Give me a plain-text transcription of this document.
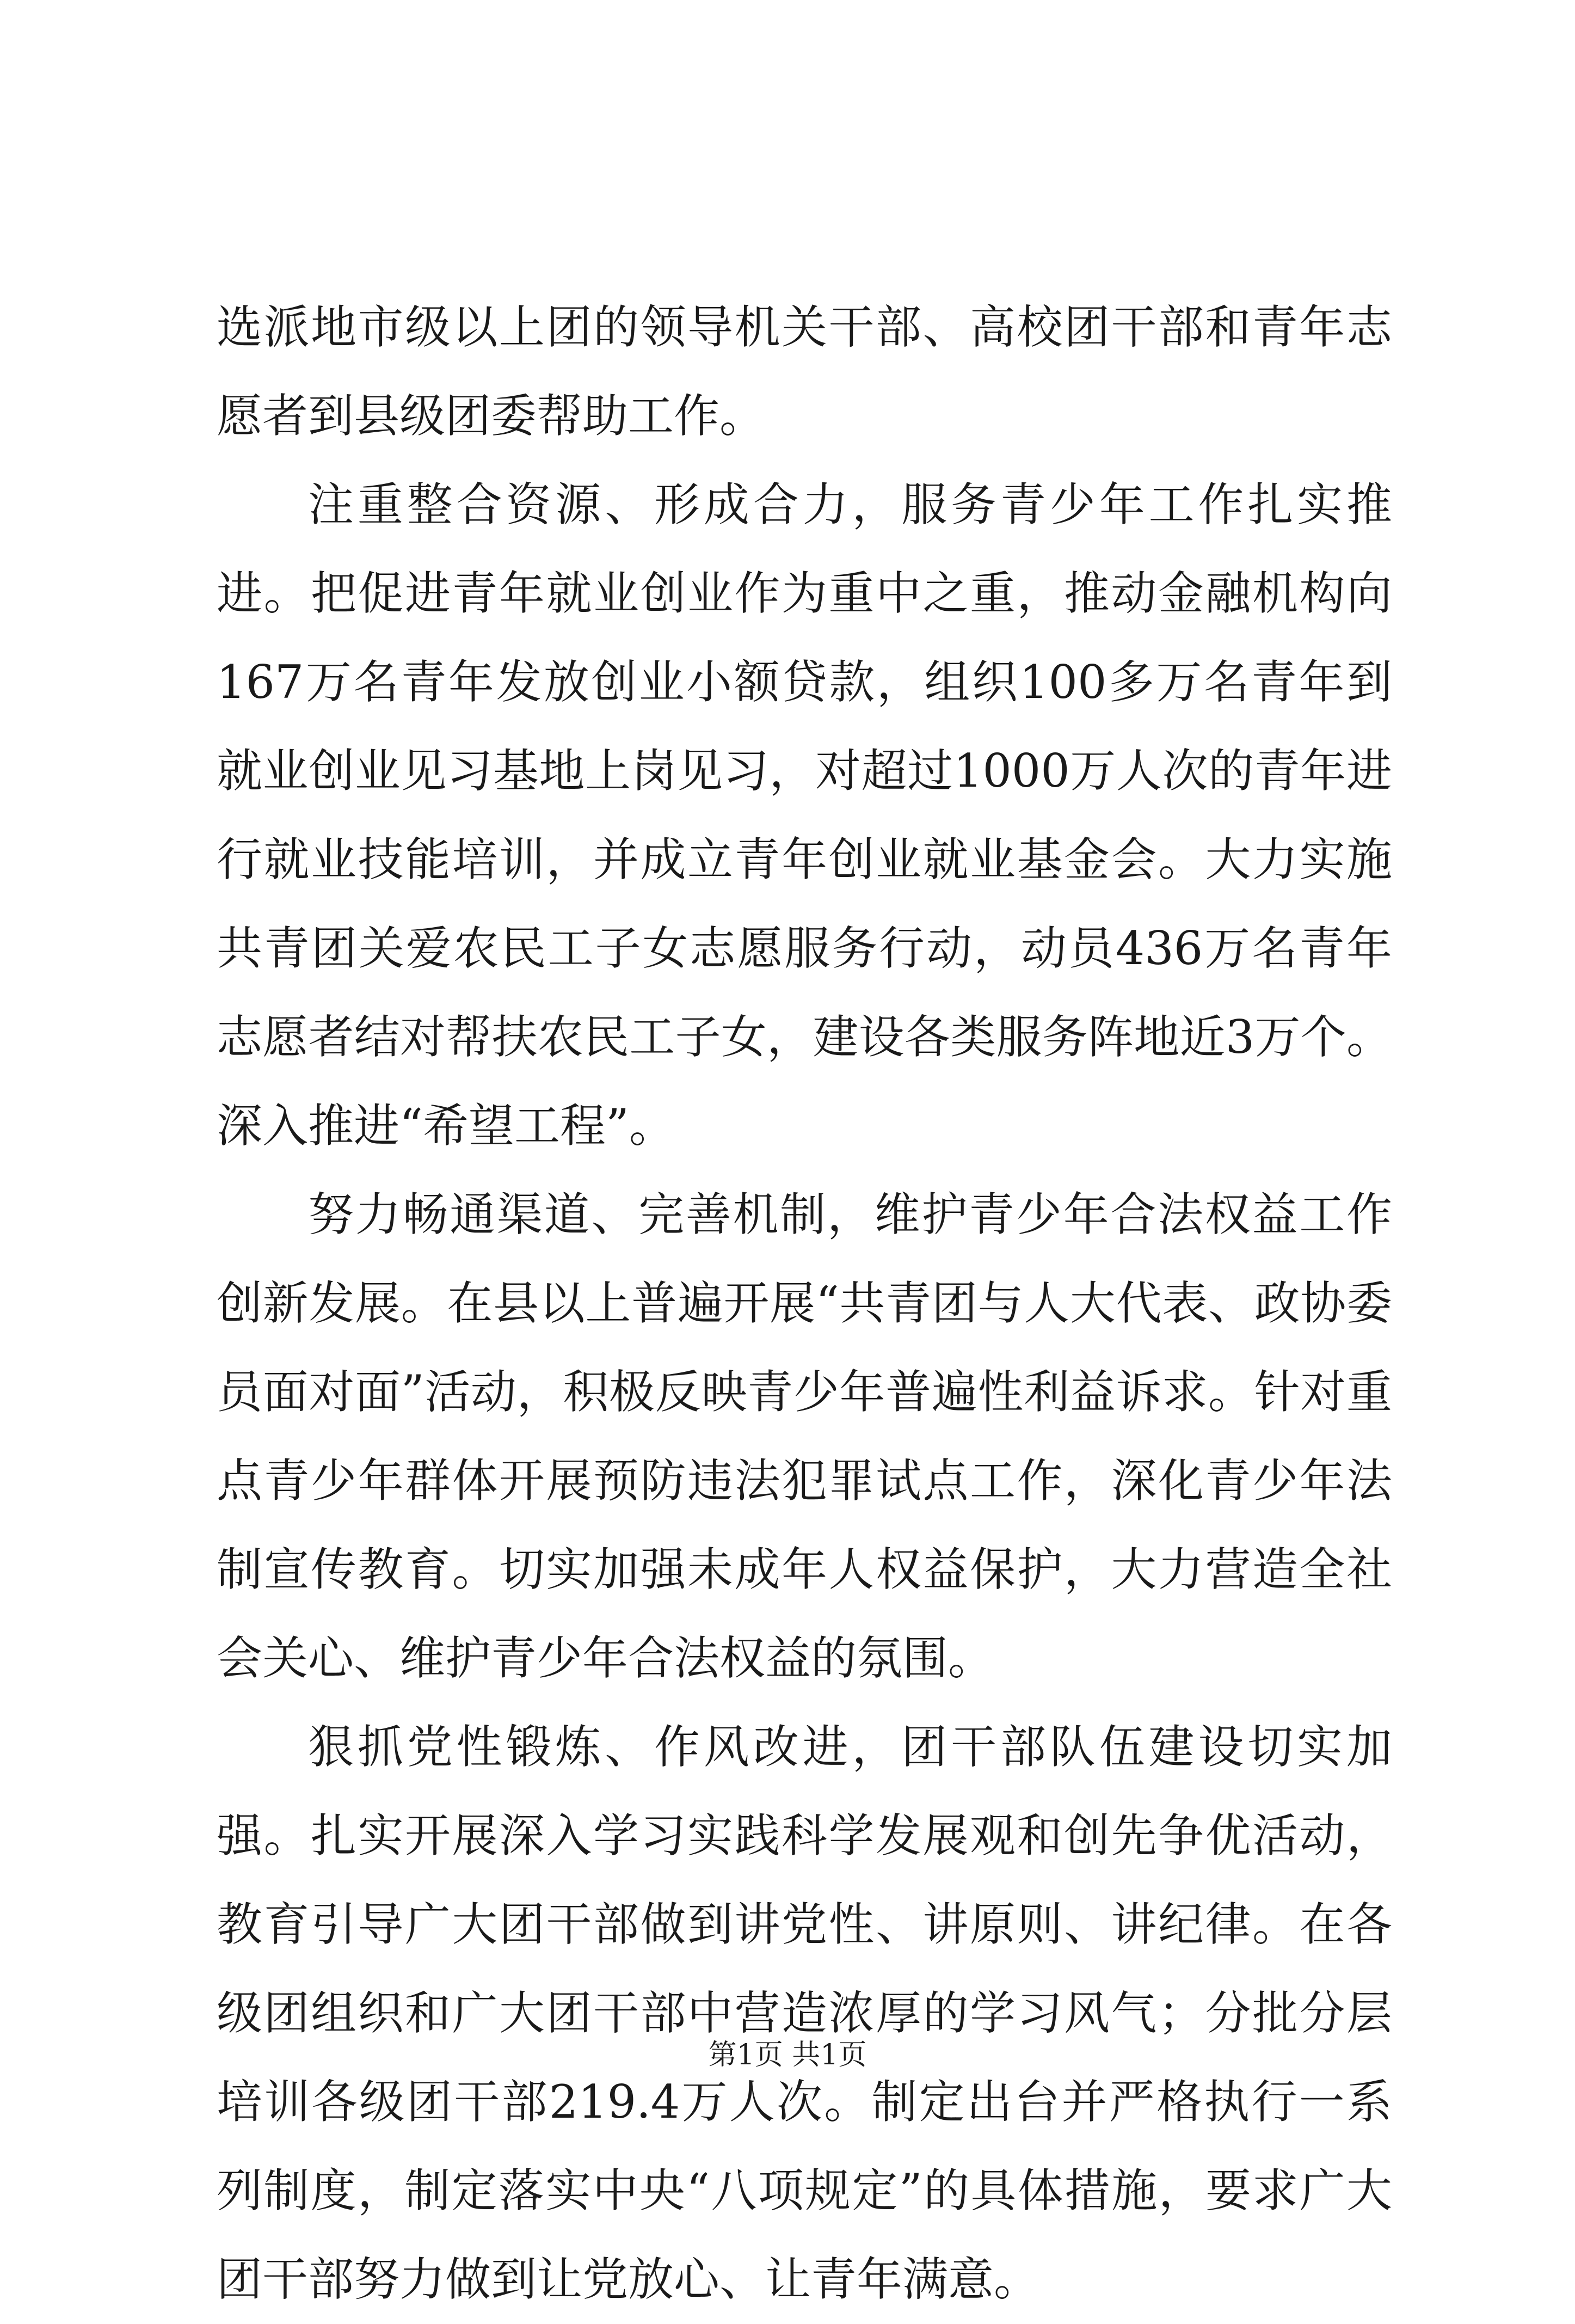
选派地市级以上团的领导机关干部、高校团干部和青年志愿者到县级团委帮助工作。

注重整合资源、形成合力，服务青少年工作扎实推进。把促进青年就业创业作为重中之重，推动金融机构向167万名青年发放创业小额贷款，组织100多万名青年到就业创业见习基地上岗见习，对超过1000万人次的青年进行就业技能培训，并成立青年创业就业基金会。大力实施共青团关爱农民工子女志愿服务行动，动员436万名青年志愿者结对帮扶农民工子女，建设各类服务阵地近3万个。深入推进“希望工程”。

努力畅通渠道、完善机制，维护青少年合法权益工作创新发展。在县以上普遍开展“共青团与人大代表、政协委员面对面”活动，积极反映青少年普遍性利益诉求。针对重点青少年群体开展预防违法犯罪试点工作，深化青少年法制宣传教育。切实加强未成年人权益保护，大力营造全社会关心、维护青少年合法权益的氛围。

狠抓党性锻炼、作风改进，团干部队伍建设切实加强。扎实开展深入学习实践科学发展观和创先争优活动，教育引导广大团干部做到讲党性、讲原则、讲纪律。在各级团组织和广大团干部中营造浓厚的学习风气；分批分层培训各级团干部219.4万人次。制定出台并严格执行一系列制度，制定落实中央“八项规定”的具体措施，要求广大团干部努力做到让党放心、让青年满意。

第1页 共1页
